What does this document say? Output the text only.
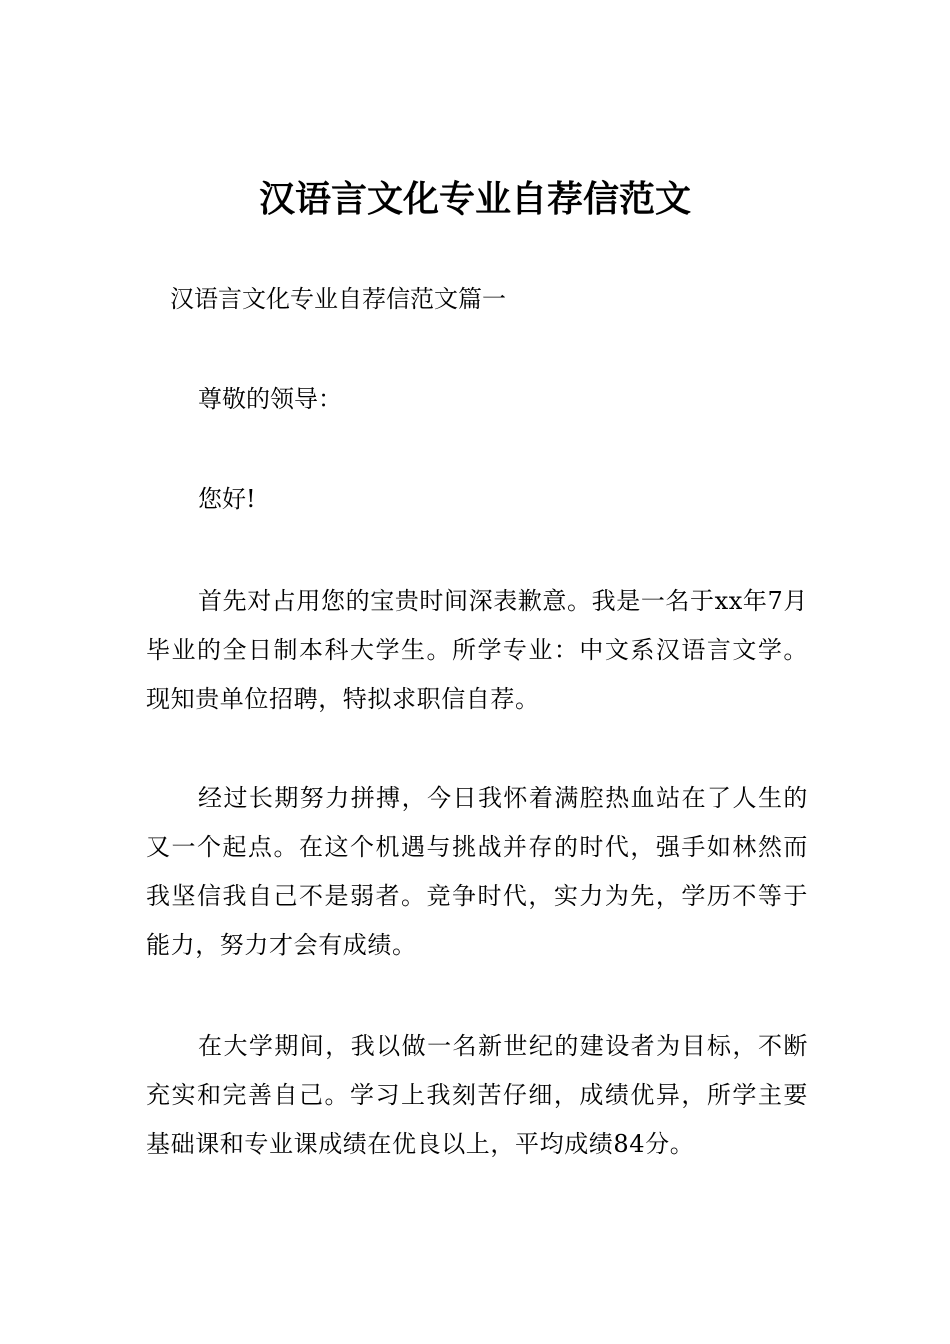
汉语言文化专业自荐信范文

汉语言文化专业自荐信范文篇一

尊敬的领导：

您好!

首先对占用您的宝贵时间深表歉意。我是一名于xx年7月毕业的全日制本科大学生。所学专业：中文系汉语言文学。现知贵单位招聘，特拟求职信自荐。

经过长期努力拼搏，今日我怀着满腔热血站在了人生的又一个起点。在这个机遇与挑战并存的时代，强手如林然而我坚信我自己不是弱者。竞争时代，实力为先，学历不等于能力，努力才会有成绩。

在大学期间，我以做一名新世纪的建设者为目标，不断充实和完善自己。学习上我刻苦仔细，成绩优异，所学主要基础课和专业课成绩在优良以上，平均成绩84分。
